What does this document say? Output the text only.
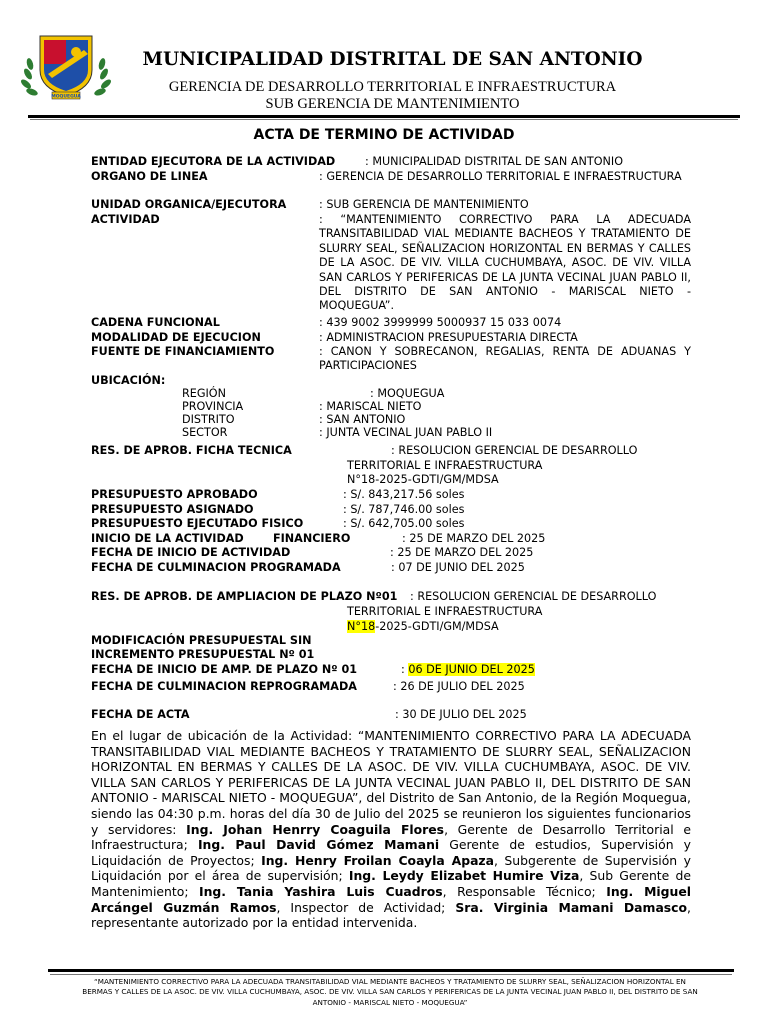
MOQUEGUA
MUNICIPALIDAD DISTRITAL DE SAN ANTONIO
GERENCIA DE DESARROLLO TERRITORIAL E INFRAESTRUCTURA
SUB GERENCIA DE MANTENIMIENTO
ACTA DE TERMINO DE ACTIVIDAD
ENTIDAD EJECUTORA DE LA ACTIVIDAD	: MUNICIPALIDAD DISTRITAL DE SAN ANTONIO
ORGANO DE LINEA	: GERENCIA DE DESARROLLO TERRITORIAL E INFRAESTRUCTURA
UNIDAD ORGANICA/EJECUTORA	: SUB GERENCIA DE MANTENIMIENTO
ACTIVIDAD	: “MANTENIMIENTO CORRECTIVO PARA LA ADECUADA TRANSITABILIDAD VIAL MEDIANTE BACHEOS Y TRATAMIENTO DE SLURRY SEAL, SEÑALIZACION HORIZONTAL EN BERMAS Y CALLES DE LA ASOC. DE VIV. VILLA CUCHUMBAYA, ASOC. DE VIV. VILLA SAN CARLOS Y PERIFERICAS DE LA JUNTA VECINAL JUAN PABLO II, DEL DISTRITO DE SAN ANTONIO - MARISCAL NIETO - MOQUEGUA”.
CADENA FUNCIONAL	: 439 9002 3999999 5000937 15 033 0074
MODALIDAD DE EJECUCION	: ADMINISTRACION PRESUPUESTARIA DIRECTA
FUENTE DE FINANCIAMIENTO	: CANON Y SOBRECANON, REGALIAS, RENTA DE ADUANAS Y PARTICIPACIONES
UBICACIÓN:
REGIÓN	: MOQUEGUA
PROVINCIA	: MARISCAL NIETO
DISTRITO	: SAN ANTONIO
SECTOR	: JUNTA VECINAL JUAN PABLO II
RES. DE APROB. FICHA TECNICA	: RESOLUCION GERENCIAL DE DESARROLLO
TERRITORIAL E INFRAESTRUCTURA
N°18-2025-GDTI/GM/MDSA
PRESUPUESTO APROBADO	: S/. 843,217.56 soles
PRESUPUESTO ASIGNADO	: S/. 787,746.00 soles
PRESUPUESTO EJECUTADO FISICO	: S/. 642,705.00 soles
INICIO DE LA ACTIVIDAD	FINANCIERO	: 25 DE MARZO DEL 2025
FECHA DE INICIO DE ACTIVIDAD	: 25 DE MARZO DEL 2025
FECHA DE CULMINACION PROGRAMADA	: 07 DE JUNIO DEL 2025
RES. DE APROB. DE AMPLIACION DE PLAZO Nº01 : RESOLUCION GERENCIAL DE DESARROLLO
TERRITORIAL E INFRAESTRUCTURA
N°18-2025-GDTI/GM/MDSA
MODIFICACIÓN PRESUPUESTAL SIN
INCREMENTO PRESUPUESTAL Nº 01
FECHA DE INICIO DE AMP. DE PLAZO Nº 01	: 06 DE JUNIO DEL 2025
FECHA DE CULMINACION REPROGRAMADA	: 26 DE JULIO DEL 2025
FECHA DE ACTA	: 30 DE JULIO DEL 2025
En el lugar de ubicación de la Actividad: “MANTENIMIENTO CORRECTIVO PARA LA ADECUADA TRANSITABILIDAD VIAL MEDIANTE BACHEOS Y TRATAMIENTO DE SLURRY SEAL, SEÑALIZACION HORIZONTAL EN BERMAS Y CALLES DE LA ASOC. DE VIV. VILLA CUCHUMBAYA, ASOC. DE VIV. VILLA SAN CARLOS Y PERIFERICAS DE LA JUNTA VECINAL JUAN PABLO II, DEL DISTRITO DE SAN ANTONIO - MARISCAL NIETO - MOQUEGUA”, del Distrito de San Antonio, de la Región Moquegua, siendo las 04:30 p.m. horas del día 30 de Julio del 2025 se reunieron los siguientes funcionarios y servidores: Ing. Johan Henrry Coaguila Flores, Gerente de Desarrollo Territorial e Infraestructura; Ing. Paul David Gómez Mamani Gerente de estudios, Supervisión y Liquidación de Proyectos; Ing. Henry Froilan Coayla Apaza, Subgerente de Supervisión y Liquidación por el área de supervisión; Ing. Leydy Elizabet Humire Viza, Sub Gerente de Mantenimiento; Ing. Tania Yashira Luis Cuadros, Responsable Técnico; Ing. Miguel Arcángel Guzmán Ramos, Inspector de Actividad; Sra. Virginia Mamani Damasco, representante autorizado por la entidad intervenida.
“MANTENIMIENTO CORRECTIVO PARA LA ADECUADA TRANSITABILIDAD VIAL MEDIANTE BACHEOS Y TRATAMIENTO DE SLURRY SEAL, SEÑALIZACION HORIZONTAL EN BERMAS Y CALLES DE LA ASOC. DE VIV. VILLA CUCHUMBAYA, ASOC. DE VIV. VILLA SAN CARLOS Y PERIFERICAS DE LA JUNTA VECINAL JUAN PABLO II, DEL DISTRITO DE SAN ANTONIO - MARISCAL NIETO - MOQUEGUA”
